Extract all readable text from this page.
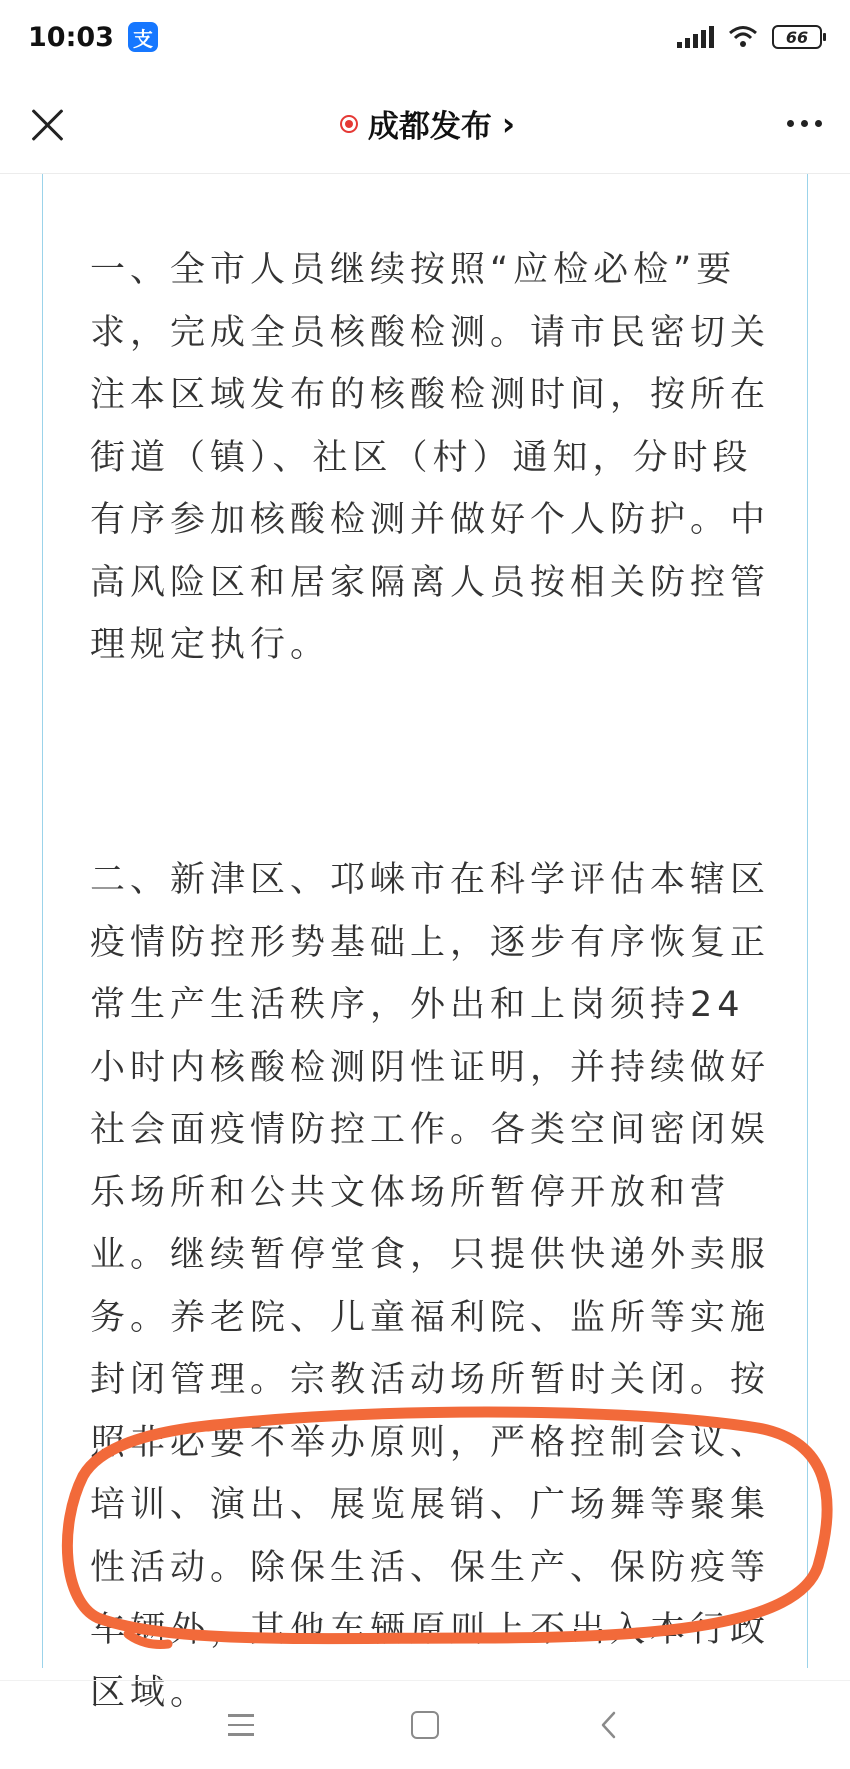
10:03 支	66
成都发布 ›

一、全市人员继续按照“应检必检”要求，完成全员核酸检测。请市民密切关注本区域发布的核酸检测时间，按所在街道（镇）、社区（村）通知，分时段有序参加核酸检测并做好个人防护。中高风险区和居家隔离人员按相关防控管理规定执行。

二、新津区、邛崃市在科学评估本辖区疫情防控形势基础上，逐步有序恢复正常生产生活秩序，外出和上岗须持24小时内核酸检测阴性证明，并持续做好社会面疫情防控工作。各类空间密闭娱乐场所和公共文体场所暂停开放和营业。继续暂停堂食，只提供快递外卖服务。养老院、儿童福利院、监所等实施封闭管理。宗教活动场所暂时关闭。按照非必要不举办原则，严格控制会议、培训、演出、展览展销、广场舞等聚集性活动。除保生活、保生产、保防疫等车辆外，其他车辆原则上不出入本行政区域。
